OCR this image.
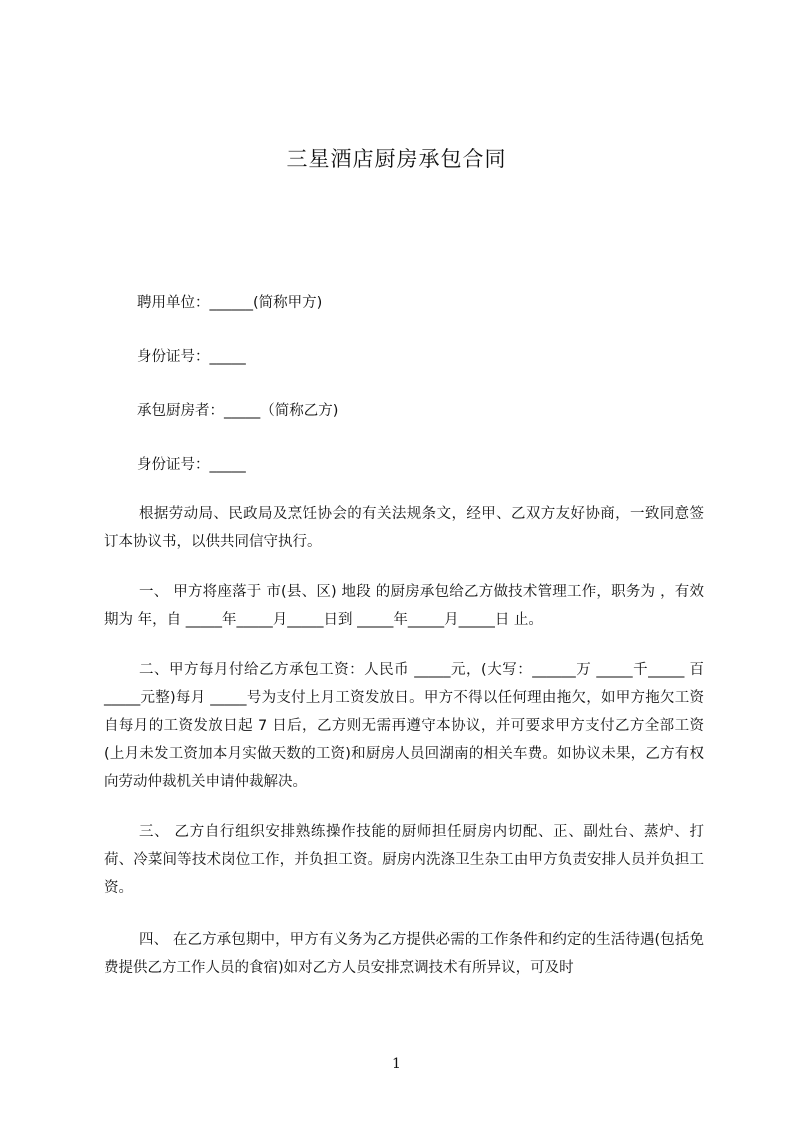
三星酒店厨房承包合同
聘用单位：______(简称甲方)
身份证号：_____
承包厨房者：_____（简称乙方)
身份证号：_____

根据劳动局、民政局及烹饪协会的有关法规条文，经甲、乙双方友好协商，一致同意签订本协议书，以供共同信守执行。

一、 甲方将座落于 市(县、区) 地段 的厨房承包给乙方做技术管理工作，职务为 ，有效期为 年，自 _____年_____月_____日到 _____年_____月_____日 止。

二、甲方每月付给乙方承包工资：人民币 _____元，(大写：______万 _____千_____ 百_____元整)每月 _____号为支付上月工资发放日。甲方不得以任何理由拖欠，如甲方拖欠工资自每月的工资发放日起 7 日后，乙方则无需再遵守本协议，并可要求甲方支付乙方全部工资(上月未发工资加本月实做天数的工资)和厨房人员回湖南的相关车费。如协议未果，乙方有权向劳动仲裁机关申请仲裁解决。

三、 乙方自行组织安排熟练操作技能的厨师担任厨房内切配、正、副灶台、蒸炉、打荷、冷菜间等技术岗位工作，并负担工资。厨房内洗涤卫生杂工由甲方负责安排人员并负担工资。

四、 在乙方承包期中，甲方有义务为乙方提供必需的工作条件和约定的生活待遇(包括免费提供乙方工作人员的食宿)如对乙方人员安排烹调技术有所异议，可及时

1
